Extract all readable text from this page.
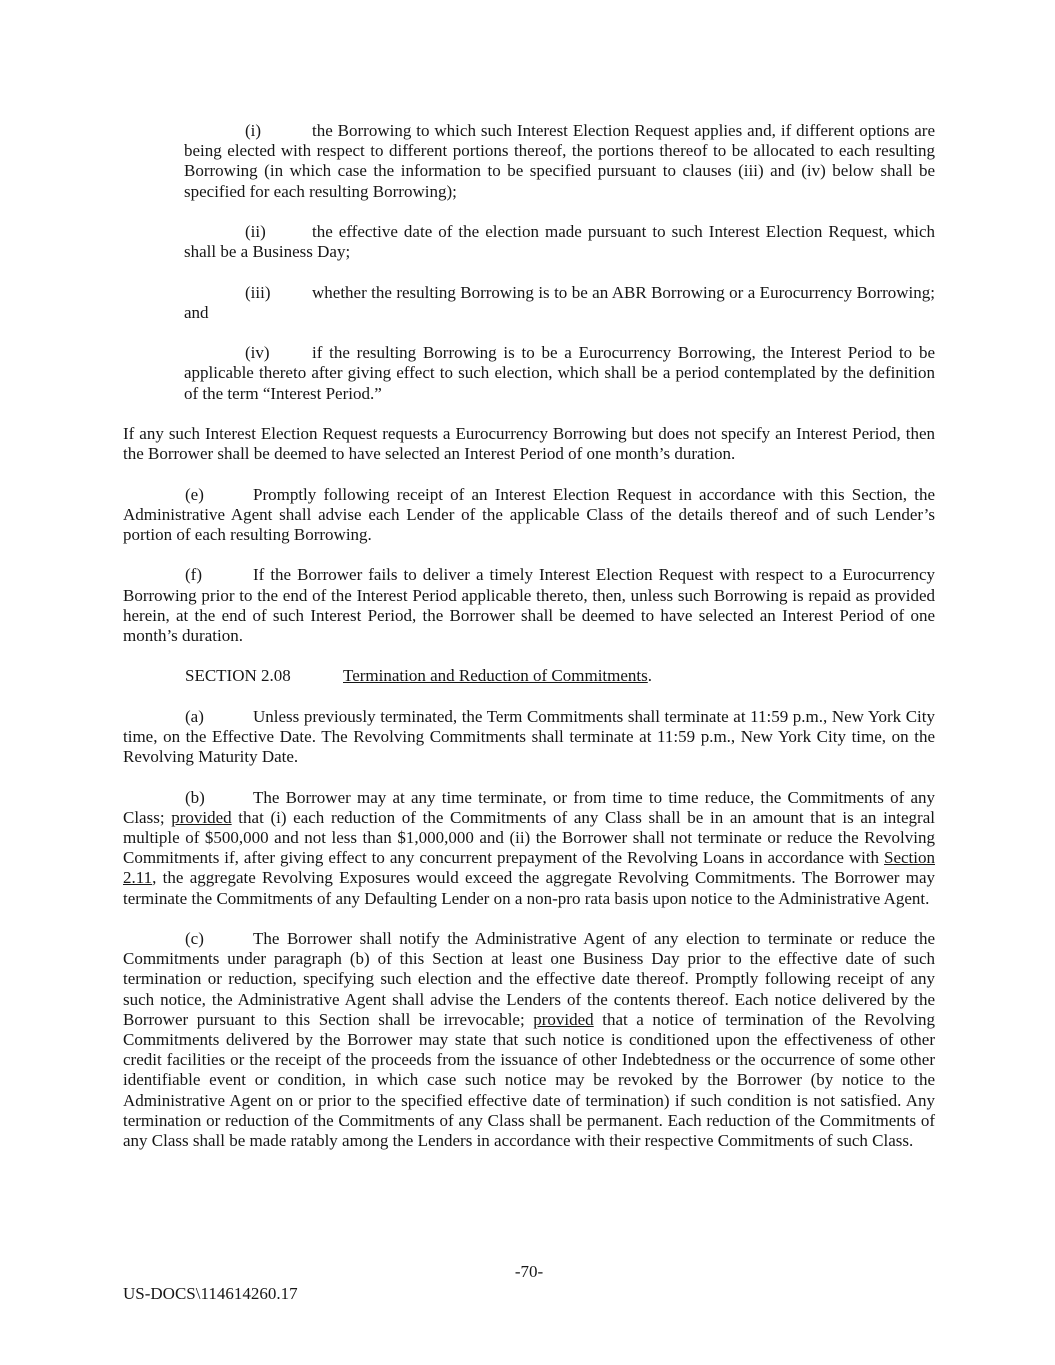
(i)	the Borrowing to which such Interest Election Request applies and, if different options are being elected with respect to different portions thereof, the portions thereof to be allocated to each resulting Borrowing (in which case the information to be specified pursuant to clauses (iii) and (iv) below shall be specified for each resulting Borrowing);

(ii)	the effective date of the election made pursuant to such Interest Election Request, which shall be a Business Day;

(iii) whether the resulting Borrowing is to be an ABR Borrowing or a Eurocurrency Borrowing; and

(iv) if the resulting Borrowing is to be a Eurocurrency Borrowing, the Interest Period to be applicable thereto after giving effect to such election, which shall be a period contemplated by the definition of the term “Interest Period.”

If any such Interest Election Request requests a Eurocurrency Borrowing but does not specify an Interest Period, then the Borrower shall be deemed to have selected an Interest Period of one month’s duration.

(e)	Promptly following receipt of an Interest Election Request in accordance with this Section, the Administrative Agent shall advise each Lender of the applicable Class of the details thereof and of such Lender’s portion of each resulting Borrowing.

(f)	If the Borrower fails to deliver a timely Interest Election Request with respect to a Eurocurrency Borrowing prior to the end of the Interest Period applicable thereto, then, unless such Borrowing is repaid as provided herein, at the end of such Interest Period, the Borrower shall be deemed to have selected an Interest Period of one month’s duration.

SECTION 2.08	Termination and Reduction of Commitments.

(a)	Unless previously terminated, the Term Commitments shall terminate at 11:59 p.m., New York City time, on the Effective Date. The Revolving Commitments shall terminate at 11:59 p.m., New York City time, on the Revolving Maturity Date.

(b)	The Borrower may at any time terminate, or from time to time reduce, the Commitments of any Class; provided that (i) each reduction of the Commitments of any Class shall be in an amount that is an integral multiple of $500,000 and not less than $1,000,000 and (ii) the Borrower shall not terminate or reduce the Revolving Commitments if, after giving effect to any concurrent prepayment of the Revolving Loans in accordance with Section 2.11, the aggregate Revolving Exposures would exceed the aggregate Revolving Commitments. The Borrower may terminate the Commitments of any Defaulting Lender on a non-pro rata basis upon notice to the Administrative Agent.

(c)	The Borrower shall notify the Administrative Agent of any election to terminate or reduce the Commitments under paragraph (b) of this Section at least one Business Day prior to the effective date of such termination or reduction, specifying such election and the effective date thereof. Promptly following receipt of any such notice, the Administrative Agent shall advise the Lenders of the contents thereof. Each notice delivered by the Borrower pursuant to this Section shall be irrevocable; provided that a notice of termination of the Revolving Commitments delivered by the Borrower may state that such notice is conditioned upon the effectiveness of other credit facilities or the receipt of the proceeds from the issuance of other Indebtedness or the occurrence of some other identifiable event or condition, in which case such notice may be revoked by the Borrower (by notice to the Administrative Agent on or prior to the specified effective date of termination) if such condition is not satisfied. Any termination or reduction of the Commitments of any Class shall be permanent. Each reduction of the Commitments of any Class shall be made ratably among the Lenders in accordance with their respective Commitments of such Class.

-70-
US-DOCS\114614260.17
